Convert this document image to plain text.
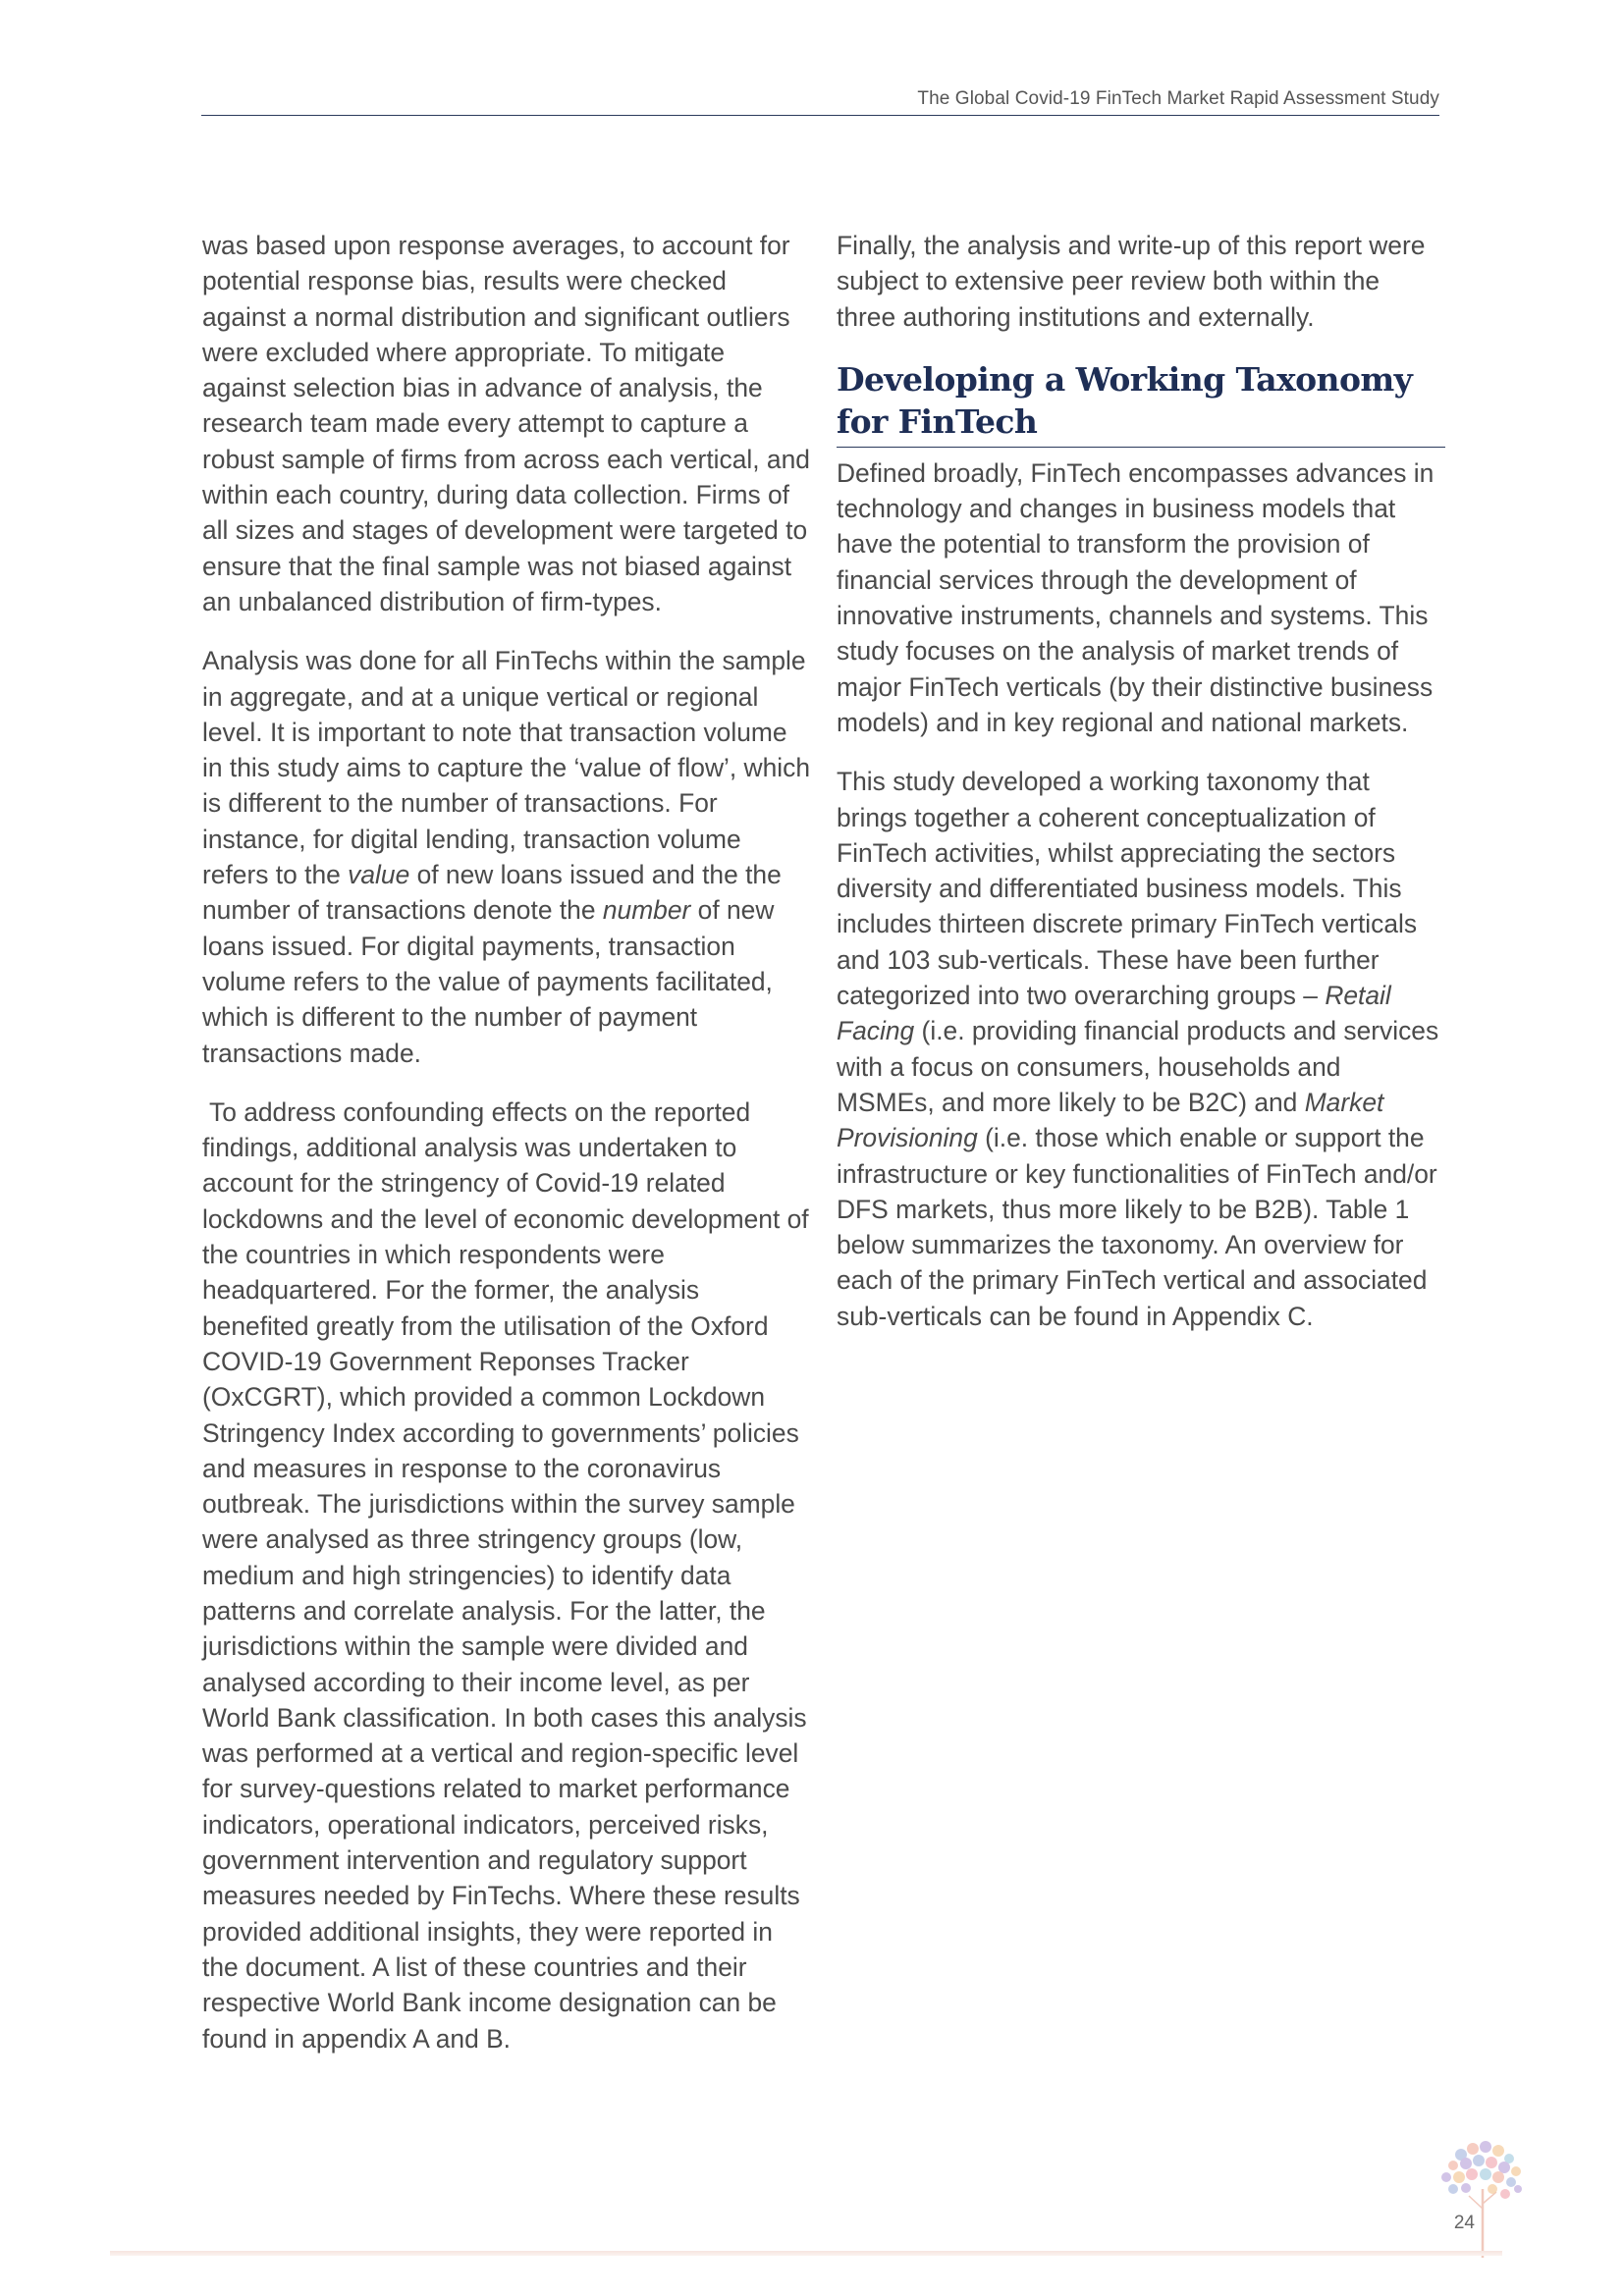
The Global Covid-19 FinTech Market Rapid Assessment Study

was based upon response averages, to account for potential response bias, results were checked against a normal distribution and significant outliers were excluded where appropriate. To mitigate against selection bias in advance of analysis, the research team made every attempt to capture a robust sample of firms from across each vertical, and within each country, during data collection. Firms of all sizes and stages of development were targeted to ensure that the final sample was not biased against an unbalanced distribution of firm-types.

Analysis was done for all FinTechs within the sample in aggregate, and at a unique vertical or regional level. It is important to note that transaction volume in this study aims to capture the ‘value of flow’, which is different to the number of transactions. For instance, for digital lending, transaction volume refers to the value of new loans issued and the the number of transactions denote the number of new loans issued. For digital payments, transaction volume refers to the value of payments facilitated, which is different to the number of payment transactions made.

To address confounding effects on the reported findings, additional analysis was undertaken to account for the stringency of Covid-19 related lockdowns and the level of economic development of the countries in which respondents were headquartered. For the former, the analysis benefited greatly from the utilisation of the Oxford COVID-19 Government Reponses Tracker (OxCGRT), which provided a common Lockdown Stringency Index according to governments’ policies and measures in response to the coronavirus outbreak. The jurisdictions within the survey sample were analysed as three stringency groups (low, medium and high stringencies) to identify data patterns and correlate analysis. For the latter, the jurisdictions within the sample were divided and analysed according to their income level, as per World Bank classification. In both cases this analysis was performed at a vertical and region-specific level for survey-questions related to market performance indicators, operational indicators, perceived risks, government intervention and regulatory support measures needed by FinTechs. Where these results provided additional insights, they were reported in the document. A list of these countries and their respective World Bank income designation can be found in appendix A and B.

Finally, the analysis and write-up of this report were subject to extensive peer review both within the three authoring institutions and externally.

Developing a Working Taxonomy for FinTech

Defined broadly, FinTech encompasses advances in technology and changes in business models that have the potential to transform the provision of financial services through the development of innovative instruments, channels and systems. This study focuses on the analysis of market trends of major FinTech verticals (by their distinctive business models) and in key regional and national markets.

This study developed a working taxonomy that brings together a coherent conceptualization of FinTech activities, whilst appreciating the sectors diversity and differentiated business models. This includes thirteen discrete primary FinTech verticals and 103 sub-verticals. These have been further categorized into two overarching groups – Retail Facing (i.e. providing financial products and services with a focus on consumers, households and MSMEs, and more likely to be B2C) and Market Provisioning (i.e. those which enable or support the infrastructure or key functionalities of FinTech and/or DFS markets, thus more likely to be B2B). Table 1 below summarizes the taxonomy. An overview for each of the primary FinTech vertical and associated sub-verticals can be found in Appendix C.

24
